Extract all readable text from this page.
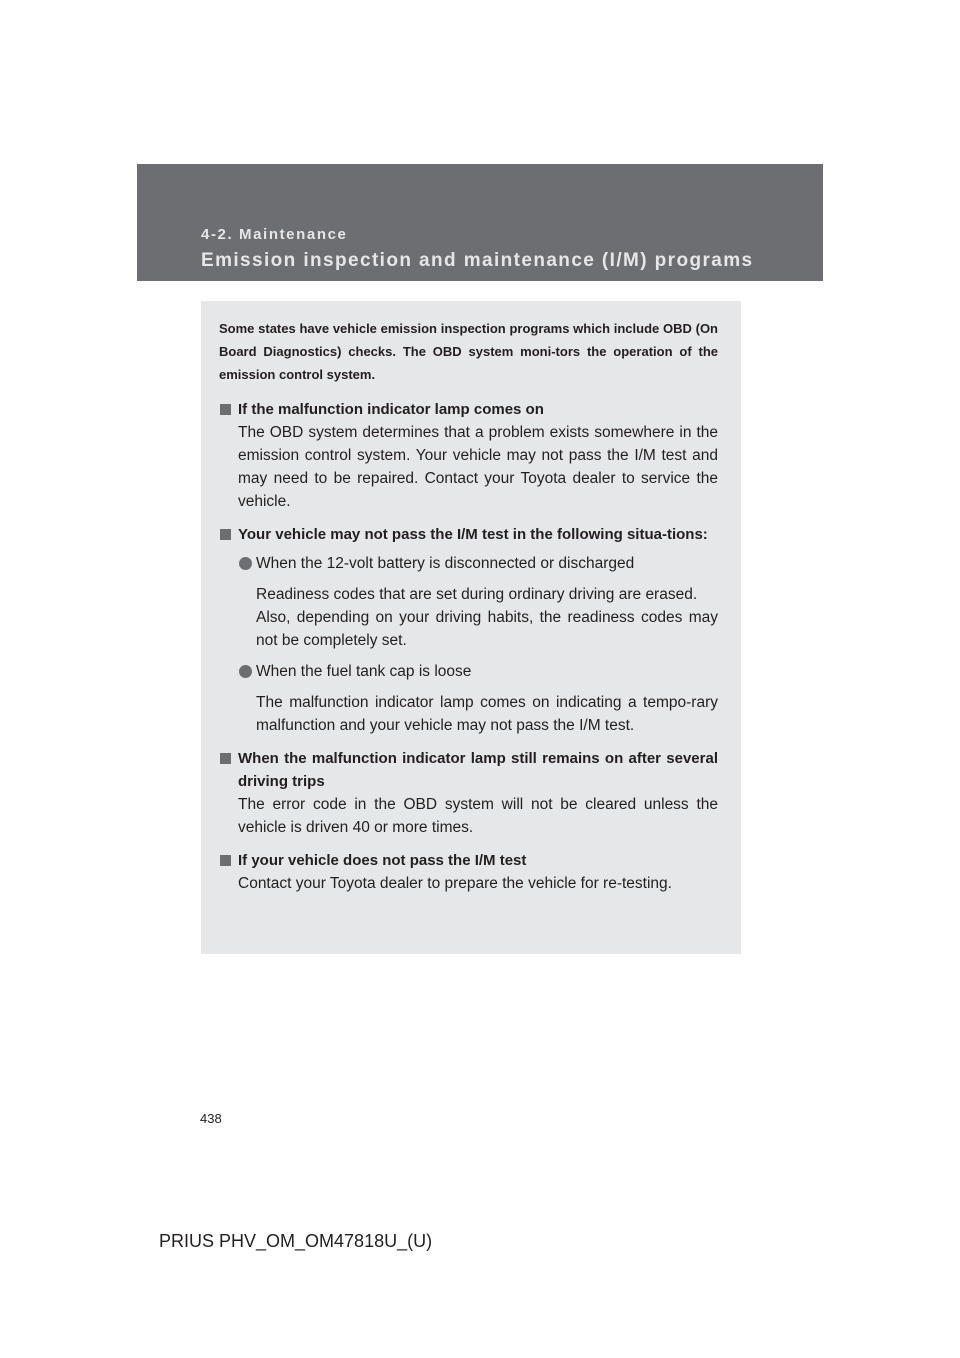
4-2. Maintenance

Emission inspection and maintenance (I/M) programs

Some states have vehicle emission inspection programs which include OBD (On Board Diagnostics) checks. The OBD system moni-tors the operation of the emission control system.

If the malfunction indicator lamp comes on
The OBD system determines that a problem exists somewhere in the emission control system. Your vehicle may not pass the I/M test and may need to be repaired. Contact your Toyota dealer to service the vehicle.
Your vehicle may not pass the I/M test in the following situa-tions:
When the 12-volt battery is disconnected or discharged
Readiness codes that are set during ordinary driving are erased.
Also, depending on your driving habits, the readiness codes may not be completely set.
When the fuel tank cap is loose
The malfunction indicator lamp comes on indicating a tempo-rary malfunction and your vehicle may not pass the I/M test.
When the malfunction indicator lamp still remains on after several driving trips
The error code in the OBD system will not be cleared unless the vehicle is driven 40 or more times.
If your vehicle does not pass the I/M test
Contact your Toyota dealer to prepare the vehicle for re-testing.

438

PRIUS PHV_OM_OM47818U_(U)
